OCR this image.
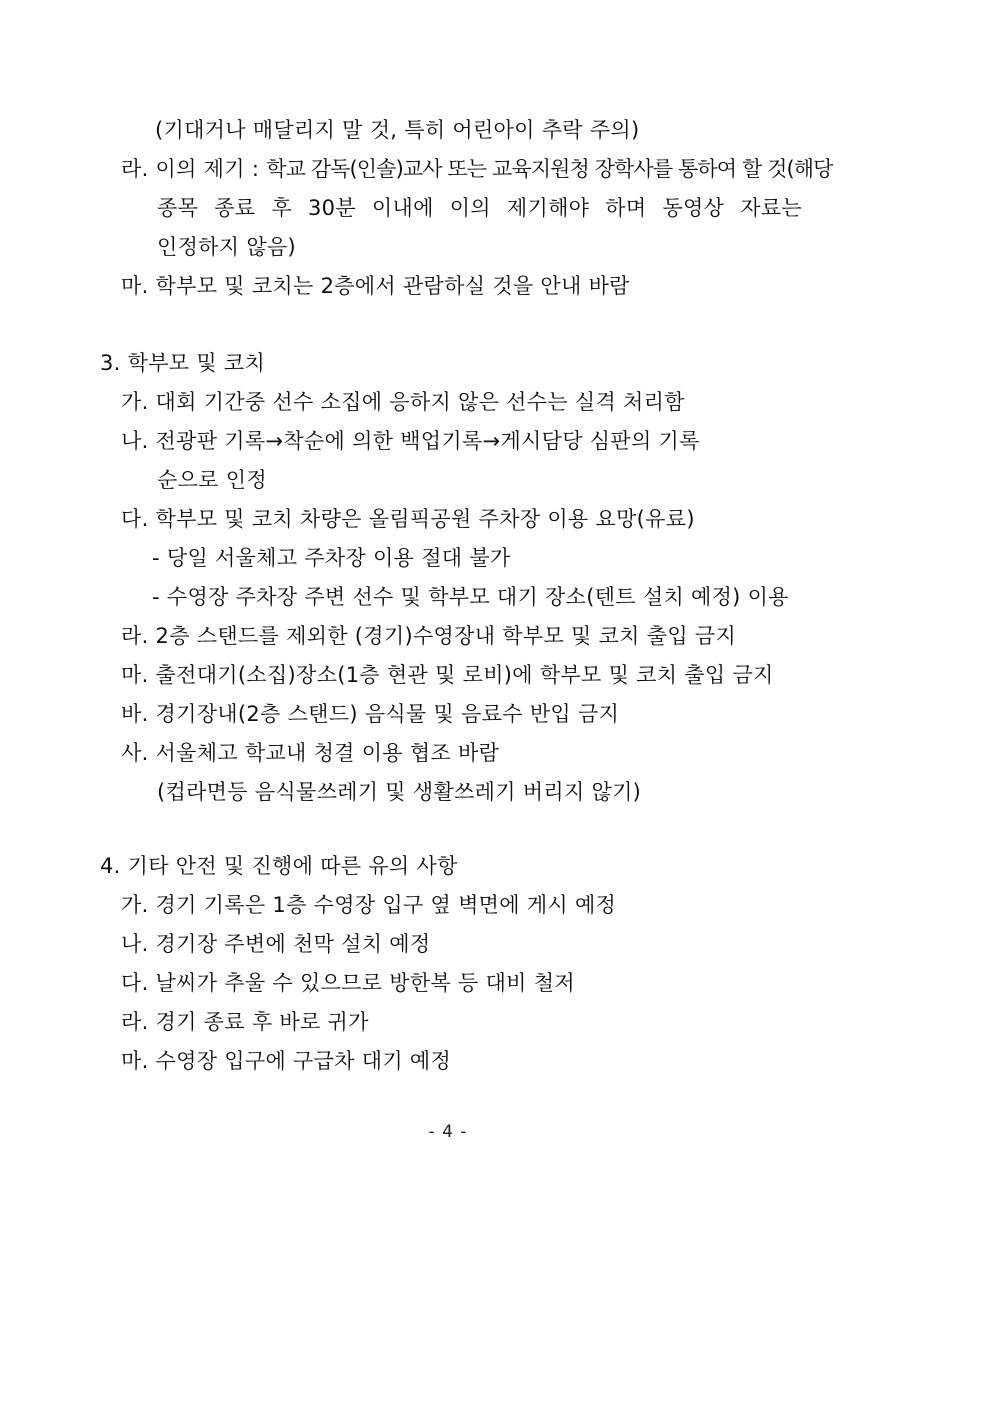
(기대거나 매달리지 말 것, 특히 어린아이 추락 주의)
라. 이의 제기 : 학교 감독(인솔)교사 또는 교육지원청 장학사를 통하여 할 것(해당
종목 종료 후 30분 이내에 이의 제기해야 하며 동영상 자료는
인정하지 않음)
마. 학부모 및 코치는 2층에서 관람하실 것을 안내 바람
3. 학부모 및 코치
가. 대회 기간중 선수 소집에 응하지 않은 선수는 실격 처리함
나. 전광판 기록→착순에 의한 백업기록→게시담당 심판의 기록
순으로 인정
다. 학부모 및 코치 차량은 올림픽공원 주차장 이용 요망(유료)
- 당일 서울체고 주차장 이용 절대 불가
- 수영장 주차장 주변 선수 및 학부모 대기 장소(텐트 설치 예정) 이용
라. 2층 스탠드를 제외한 (경기)수영장내 학부모 및 코치 출입 금지
마. 출전대기(소집)장소(1층 현관 및 로비)에 학부모 및 코치 출입 금지
바. 경기장내(2층 스탠드) 음식물 및 음료수 반입 금지
사. 서울체고 학교내 청결 이용 협조 바람
(컵라면등 음식물쓰레기 및 생활쓰레기 버리지 않기)
4. 기타 안전 및 진행에 따른 유의 사항
가. 경기 기록은 1층 수영장 입구 옆 벽면에 게시 예정
나. 경기장 주변에 천막 설치 예정
다. 날씨가 추울 수 있으므로 방한복 등 대비 철저
라. 경기 종료 후 바로 귀가
마. 수영장 입구에 구급차 대기 예정
- 4 -
